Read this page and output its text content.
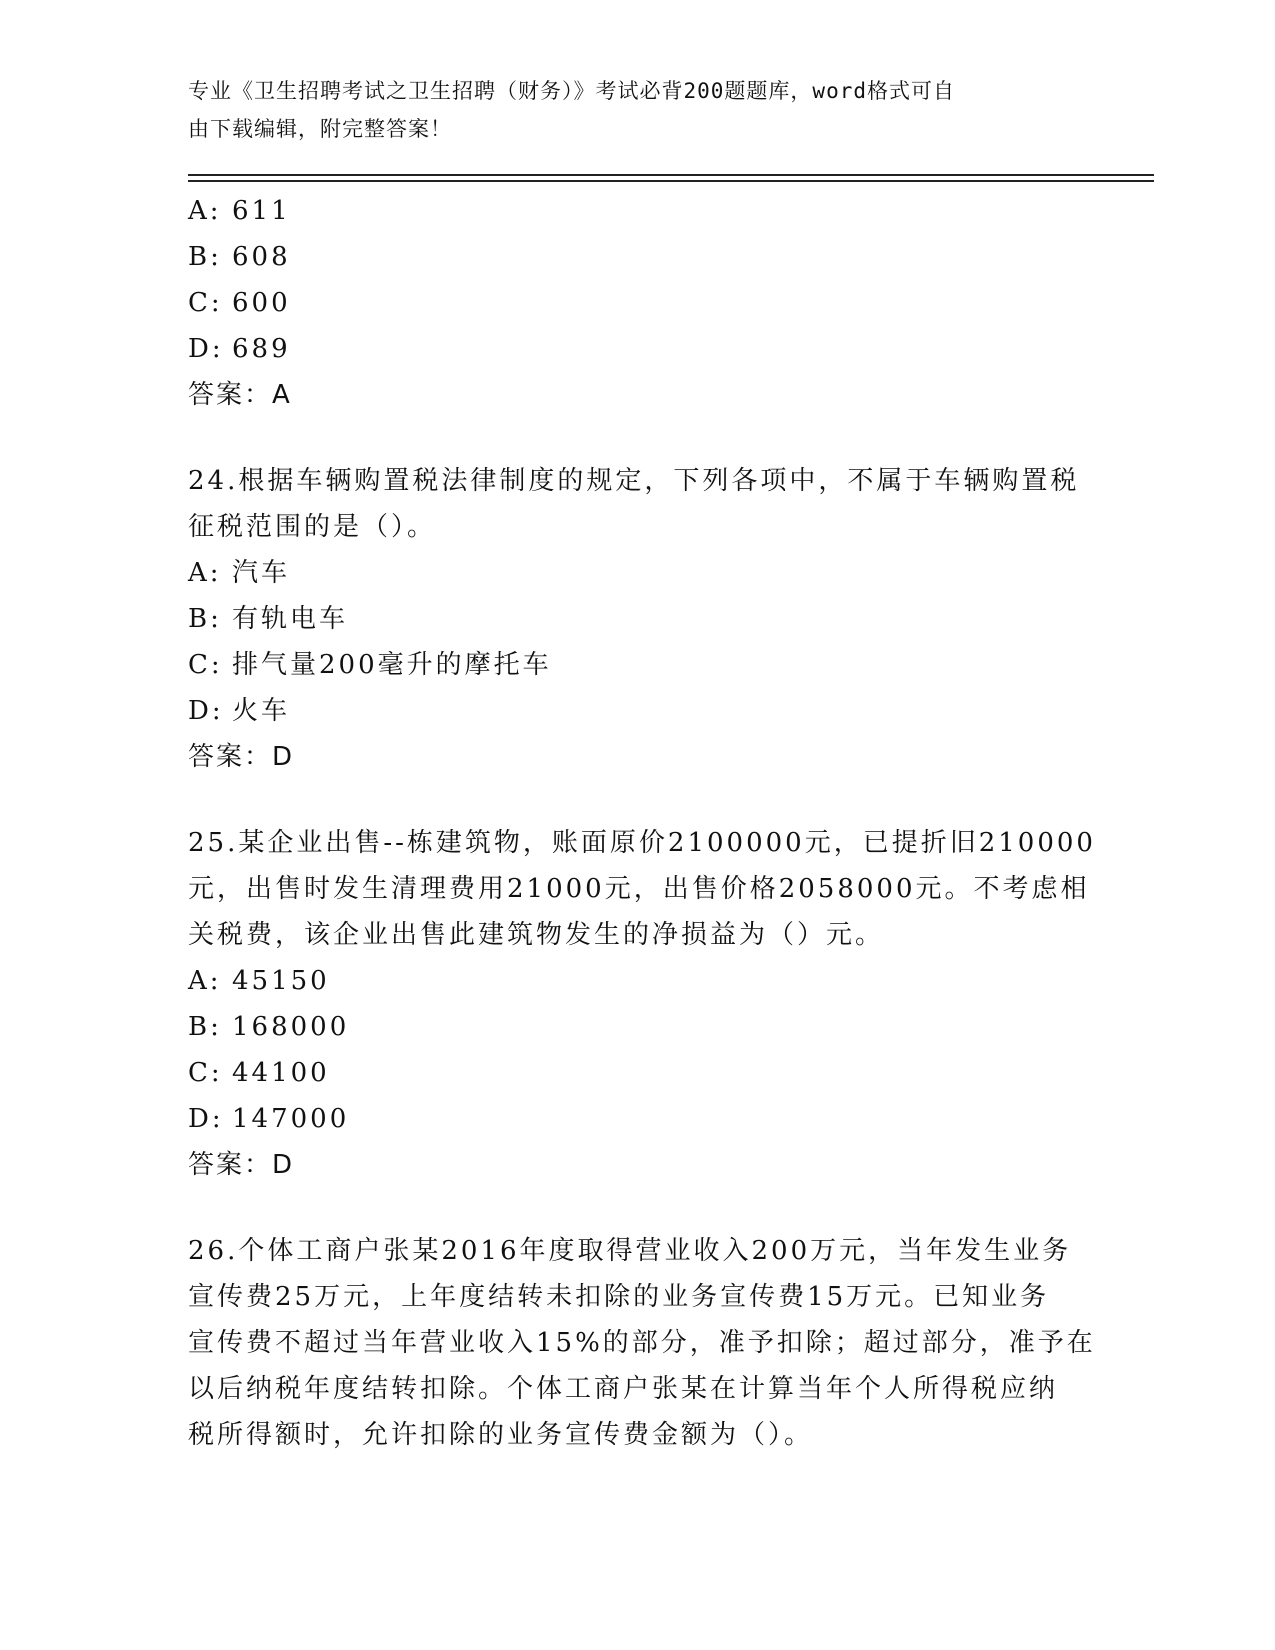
专业《卫生招聘考试之卫生招聘（财务）》考试必背200题题库，word格式可自
由下载编辑，附完整答案！
A: 611
B: 608
C: 600
D: 689
答案：A
24.根据车辆购置税法律制度的规定，下列各项中，不属于车辆购置税
征税范围的是（）。
A: 汽车
B: 有轨电车
C: 排气量200毫升的摩托车
D: 火车
答案：D
25.某企业出售--栋建筑物，账面原价2100000元，已提折旧210000
元，出售时发生清理费用21000元，出售价格2058000元。不考虑相
关税费，该企业出售此建筑物发生的净损益为（）元。
A: 45150
B: 168000
C: 44100
D: 147000
答案：D
26.个体工商户张某2016年度取得营业收入200万元，当年发生业务
宣传费25万元，上年度结转未扣除的业务宣传费15万元。已知业务
宣传费不超过当年营业收入15%的部分，准予扣除；超过部分，准予在
以后纳税年度结转扣除。个体工商户张某在计算当年个人所得税应纳
税所得额时，允许扣除的业务宣传费金额为（）。
